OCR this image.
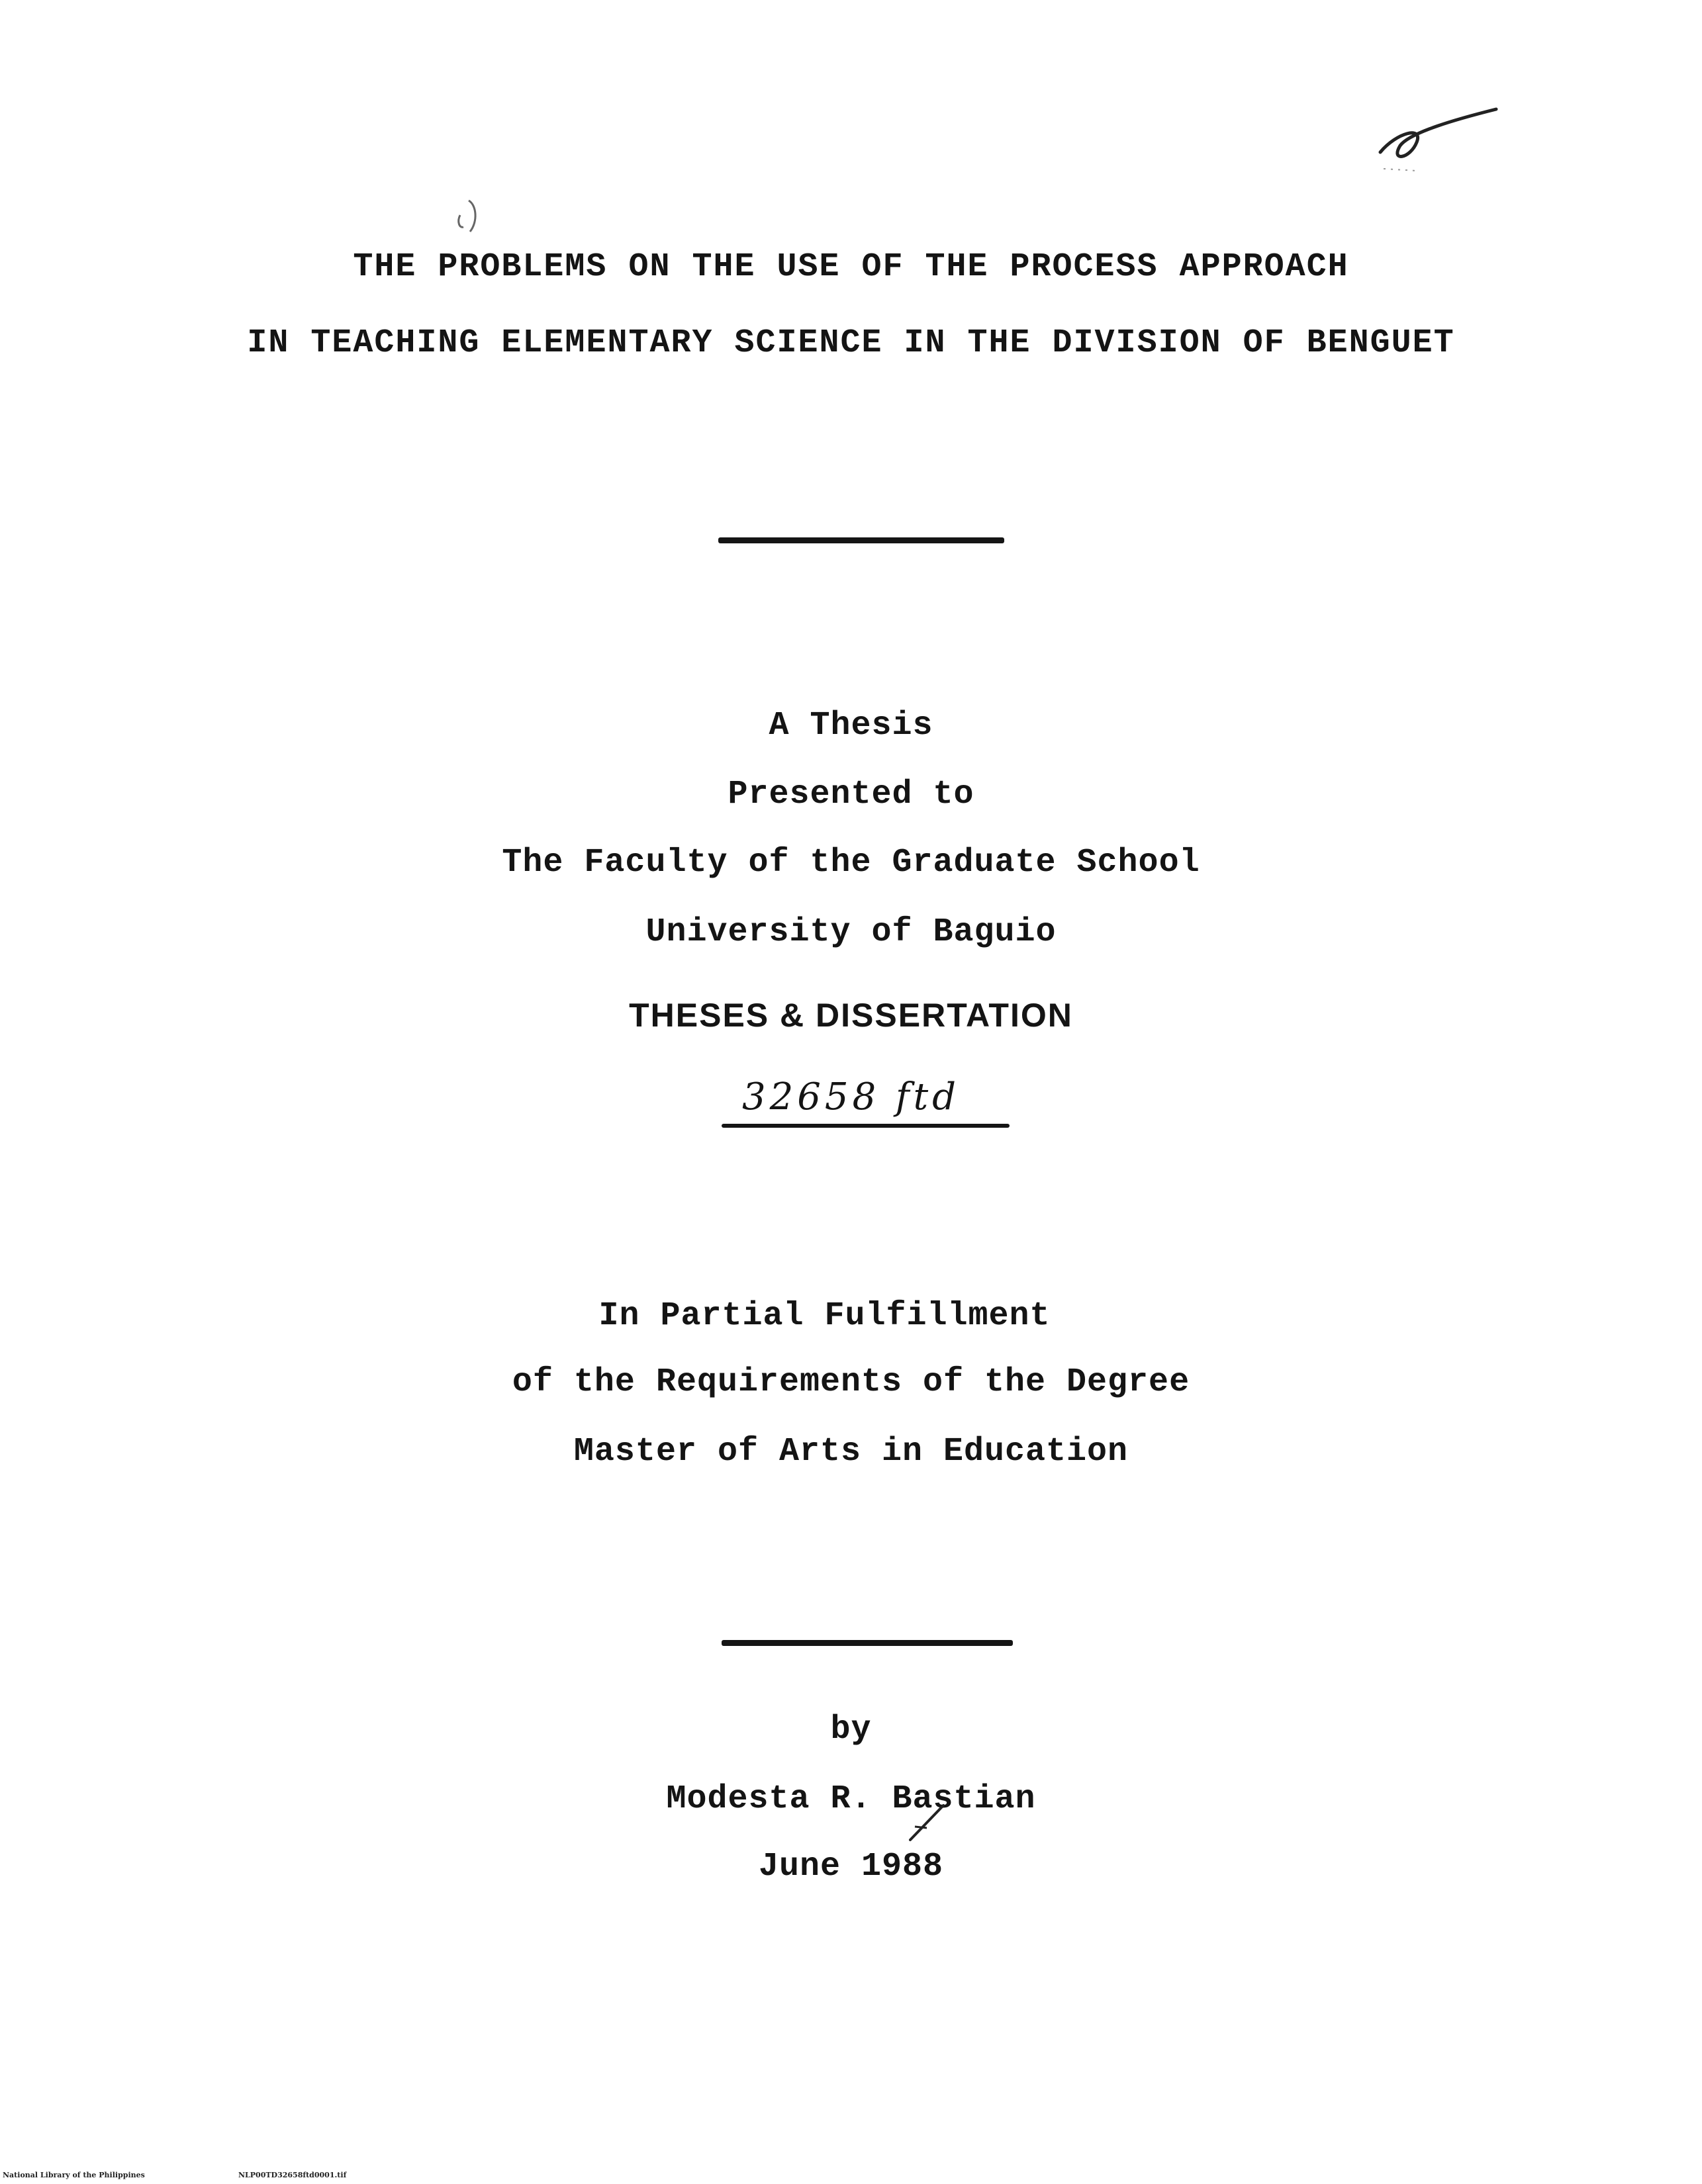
THE PROBLEMS ON THE USE OF THE PROCESS APPROACH
IN TEACHING ELEMENTARY SCIENCE IN THE DIVISION OF BENGUET
A Thesis
Presented to
The Faculty of the Graduate School
University of Baguio
THESES & DISSERTATION
32658 ftd
In Partial Fulfillment
of the Requirements of the Degree
Master of Arts in Education
by
Modesta R. Bastian
June 1988
National Library of the Philippines	NLP00TD32658ftd0001.tif
